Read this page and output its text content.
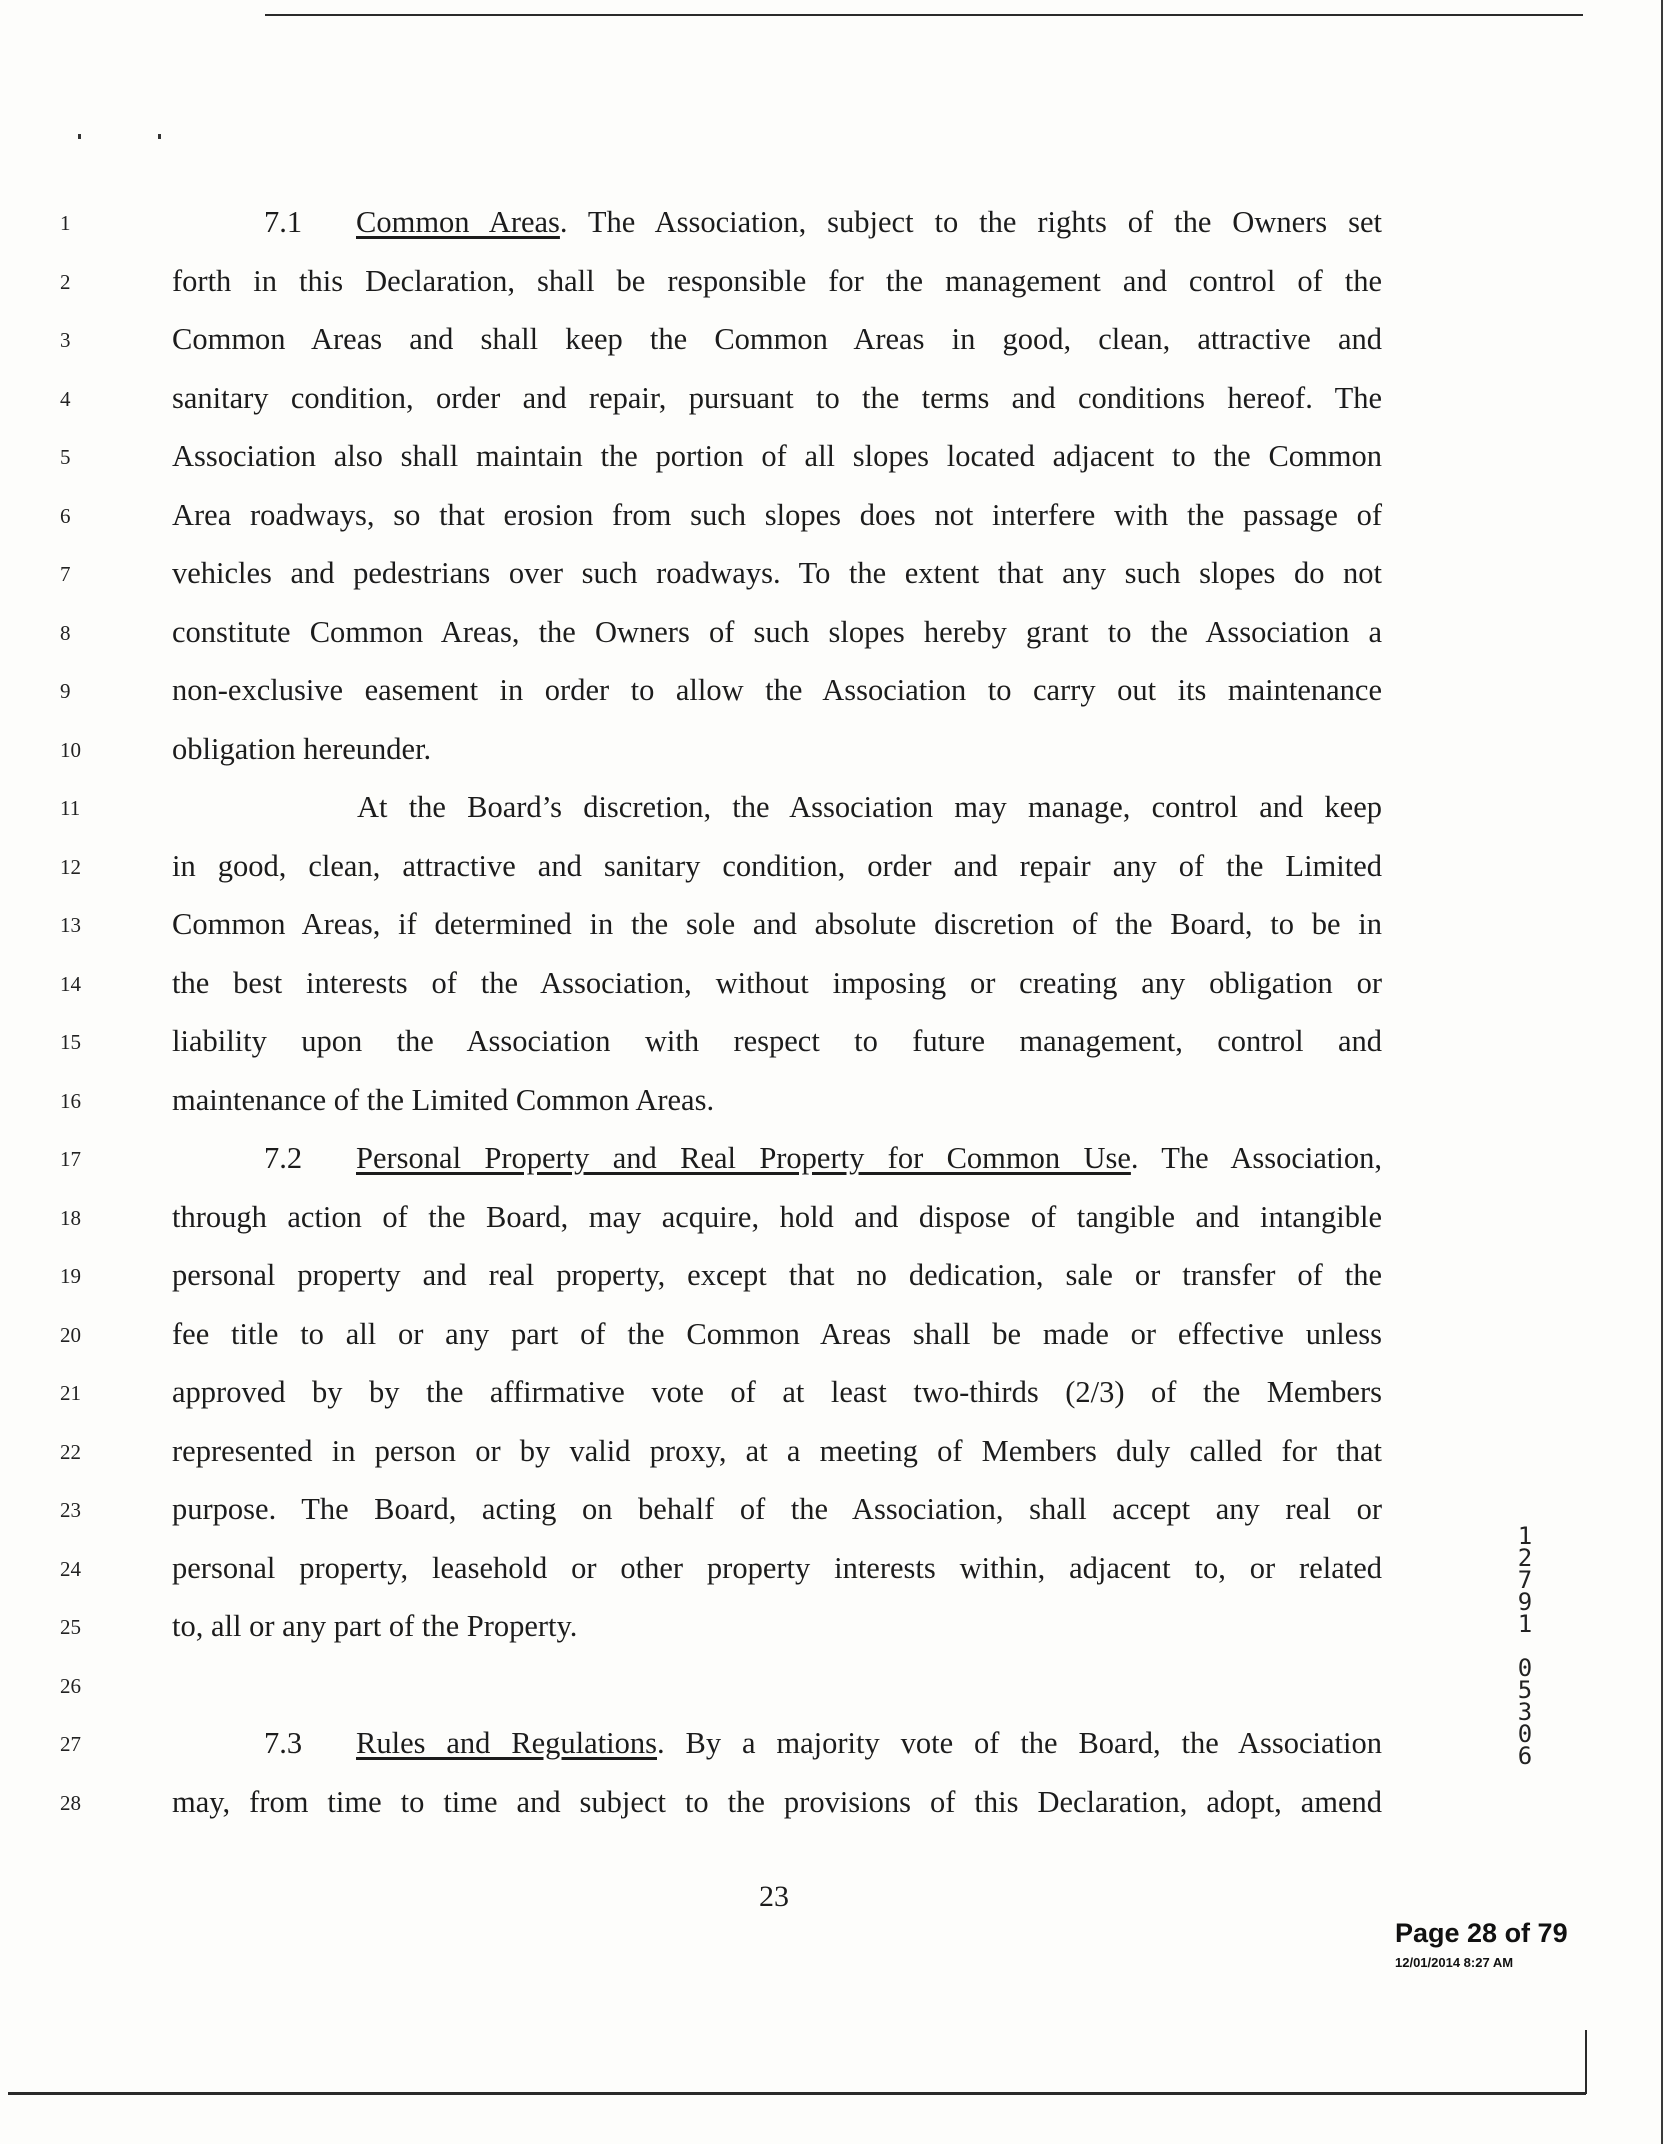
1
2
3
4
5
6
7
8
9
10
11
12
13
14
15
16
17
18
19
20
21
22
23
24
25
26
27
28
7.1 Common Areas. The Association, subject to the rights of the Owners set
forth in this Declaration, shall be responsible for the management and control of the
Common Areas and shall keep the Common Areas in good, clean, attractive and
sanitary condition, order and repair, pursuant to the terms and conditions hereof. The
Association also shall maintain the portion of all slopes located adjacent to the Common
Area roadways, so that erosion from such slopes does not interfere with the passage of
vehicles and pedestrians over such roadways. To the extent that any such slopes do not
constitute Common Areas, the Owners of such slopes hereby grant to the Association a
non-exclusive easement in order to allow the Association to carry out its maintenance
obligation hereunder.
At the Board’s discretion, the Association may manage, control and keep
in good, clean, attractive and sanitary condition, order and repair any of the Limited
Common Areas, if determined in the sole and absolute discretion of the Board, to be in
the best interests of the Association, without imposing or creating any obligation or
liability upon the Association with respect to future management, control and
maintenance of the Limited Common Areas.
7.2 Personal Property and Real Property for Common Use. The Association,
through action of the Board, may acquire, hold and dispose of tangible and intangible
personal property and real property, except that no dedication, sale or transfer of the
fee title to all or any part of the Common Areas shall be made or effective unless
approved by by the affirmative vote of at least two-thirds (2/3) of the Members
represented in person or by valid proxy, at a meeting of Members duly called for that
purpose. The Board, acting on behalf of the Association, shall accept any real or
personal property, leasehold or other property interests within, adjacent to, or related
to, all or any part of the Property.
7.3 Rules and Regulations. By a majority vote of the Board, the Association
may, from time to time and subject to the provisions of this Declaration, adopt, amend
23
1
2
7
9
1

0
5
3
0
6
Page 28 of 79
12/01/2014 8:27 AM
